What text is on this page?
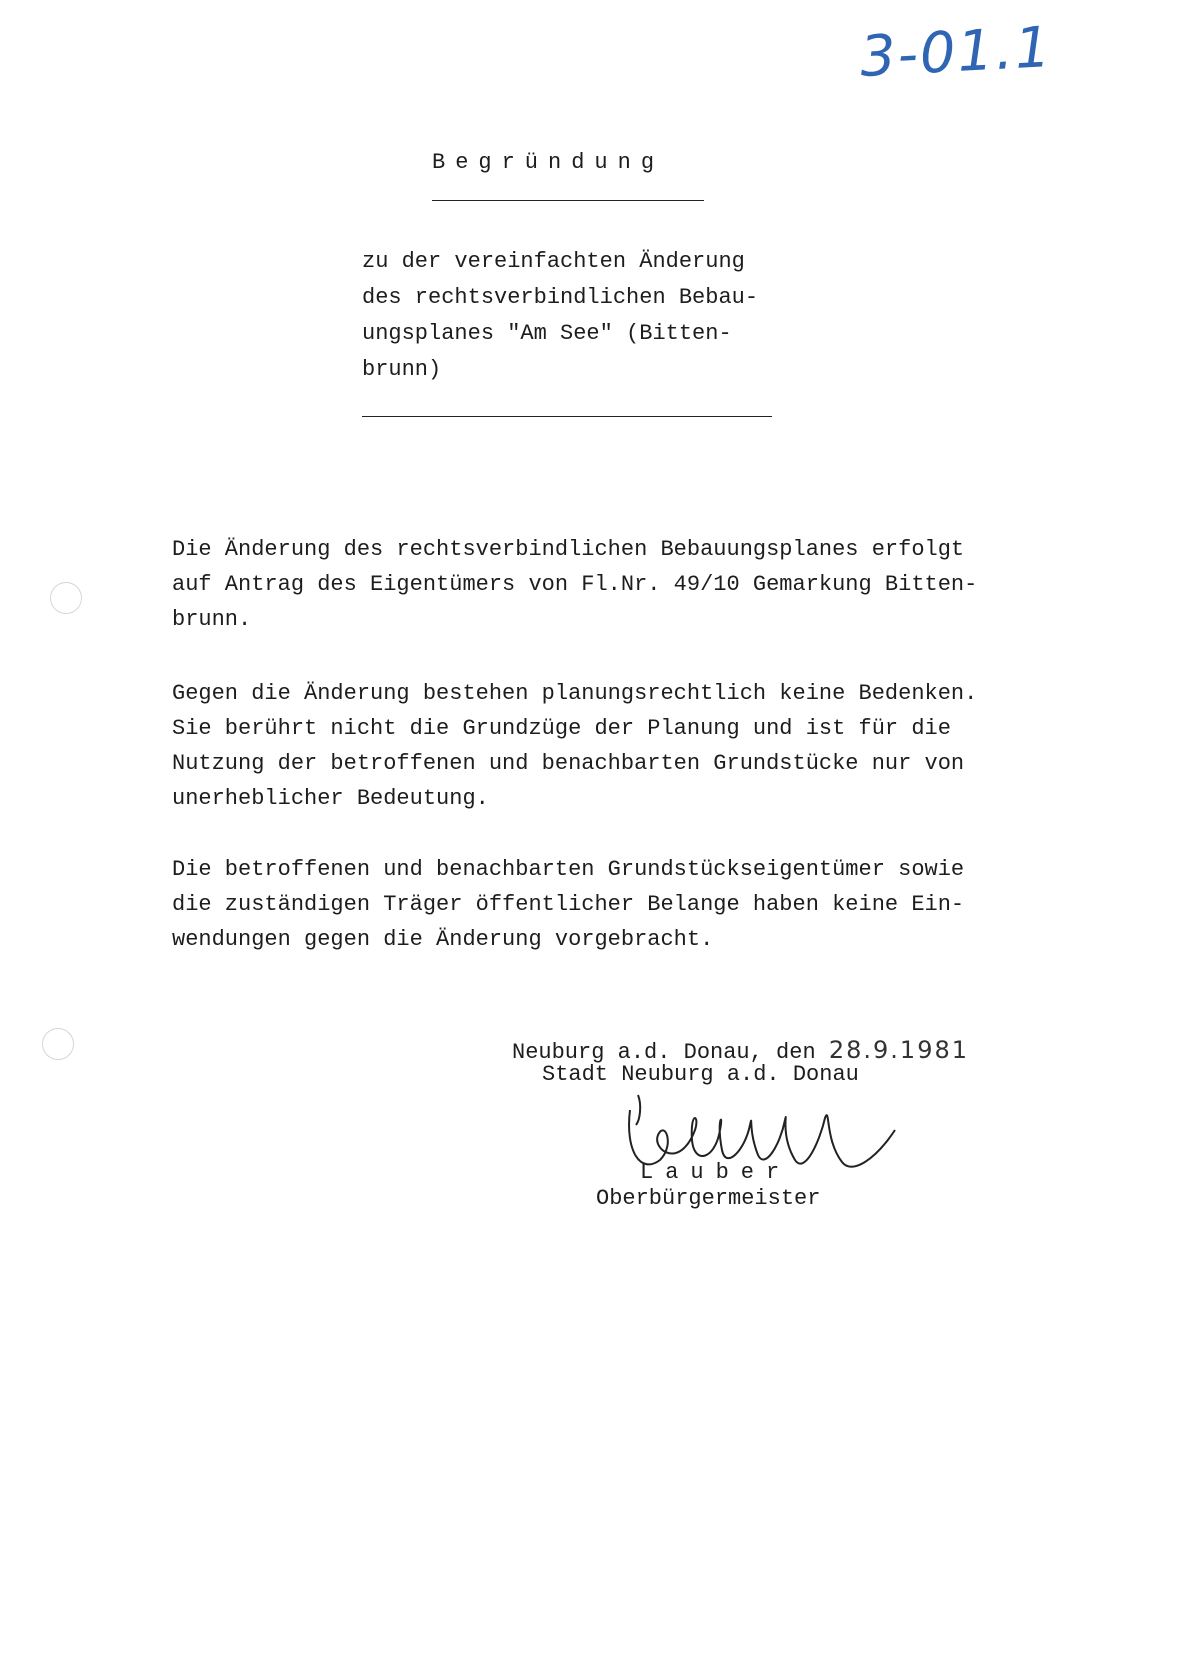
3-01.1
Begründung
zu der vereinfachten Änderung
des rechtsverbindlichen Bebau-
ungsplanes "Am See" (Bitten-
brunn)
Die Änderung des rechtsverbindlichen Bebauungsplanes erfolgt
auf Antrag des Eigentümers von Fl.Nr. 49/10 Gemarkung Bitten-
brunn.
Gegen die Änderung bestehen planungsrechtlich keine Bedenken.
Sie berührt nicht die Grundzüge der Planung und ist für die
Nutzung der betroffenen und benachbarten Grundstücke nur von
unerheblicher Bedeutung.
Die betroffenen und benachbarten Grundstückseigentümer sowie
die zuständigen Träger öffentlicher Belange haben keine Ein-
wendungen gegen die Änderung vorgebracht.
Neuburg a.d. Donau, den 28.9.1981
Stadt Neuburg a.d. Donau
Lauber
Oberbürgermeister
